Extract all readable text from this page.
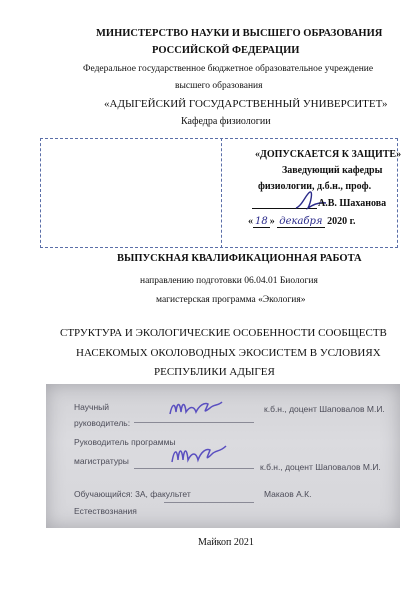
МИНИСТЕРСТВО НАУКИ И ВЫСШЕГО ОБРАЗОВАНИЯ
РОССИЙСКОЙ ФЕДЕРАЦИИ
Федеральное государственное бюджетное образовательное учреждение
высшего образования
«АДЫГЕЙСКИЙ ГОСУДАРСТВЕННЫЙ УНИВЕРСИТЕТ»
Кафедра физиологии
«ДОПУСКАЕТСЯ К ЗАЩИТЕ»
Заведующий кафедры
физиологии, д.б.н., проф.
А.В. Шаханова
« 18 » декабря 2020 г.
ВЫПУСКНАЯ КВАЛИФИКАЦИОННАЯ РАБОТА
направлению подготовки 06.04.01 Биология
магистерская программа «Экология»
СТРУКТУРА И ЭКОЛОГИЧЕСКИЕ ОСОБЕННОСТИ СООБЩЕСТВ
НАСЕКОМЫХ ОКОЛОВОДНЫХ ЭКОСИСТЕМ В УСЛОВИЯХ
РЕСПУБЛИКИ АДЫГЕЯ
Научный
руководитель:
к.б.н., доцент Шаповалов М.И.
Руководитель программы
магистратуры
к.б.н., доцент Шаповалов М.И.
Обучающийся: 3А, факультет
Естествознания
Макаов А.К.
Майкоп 2021
